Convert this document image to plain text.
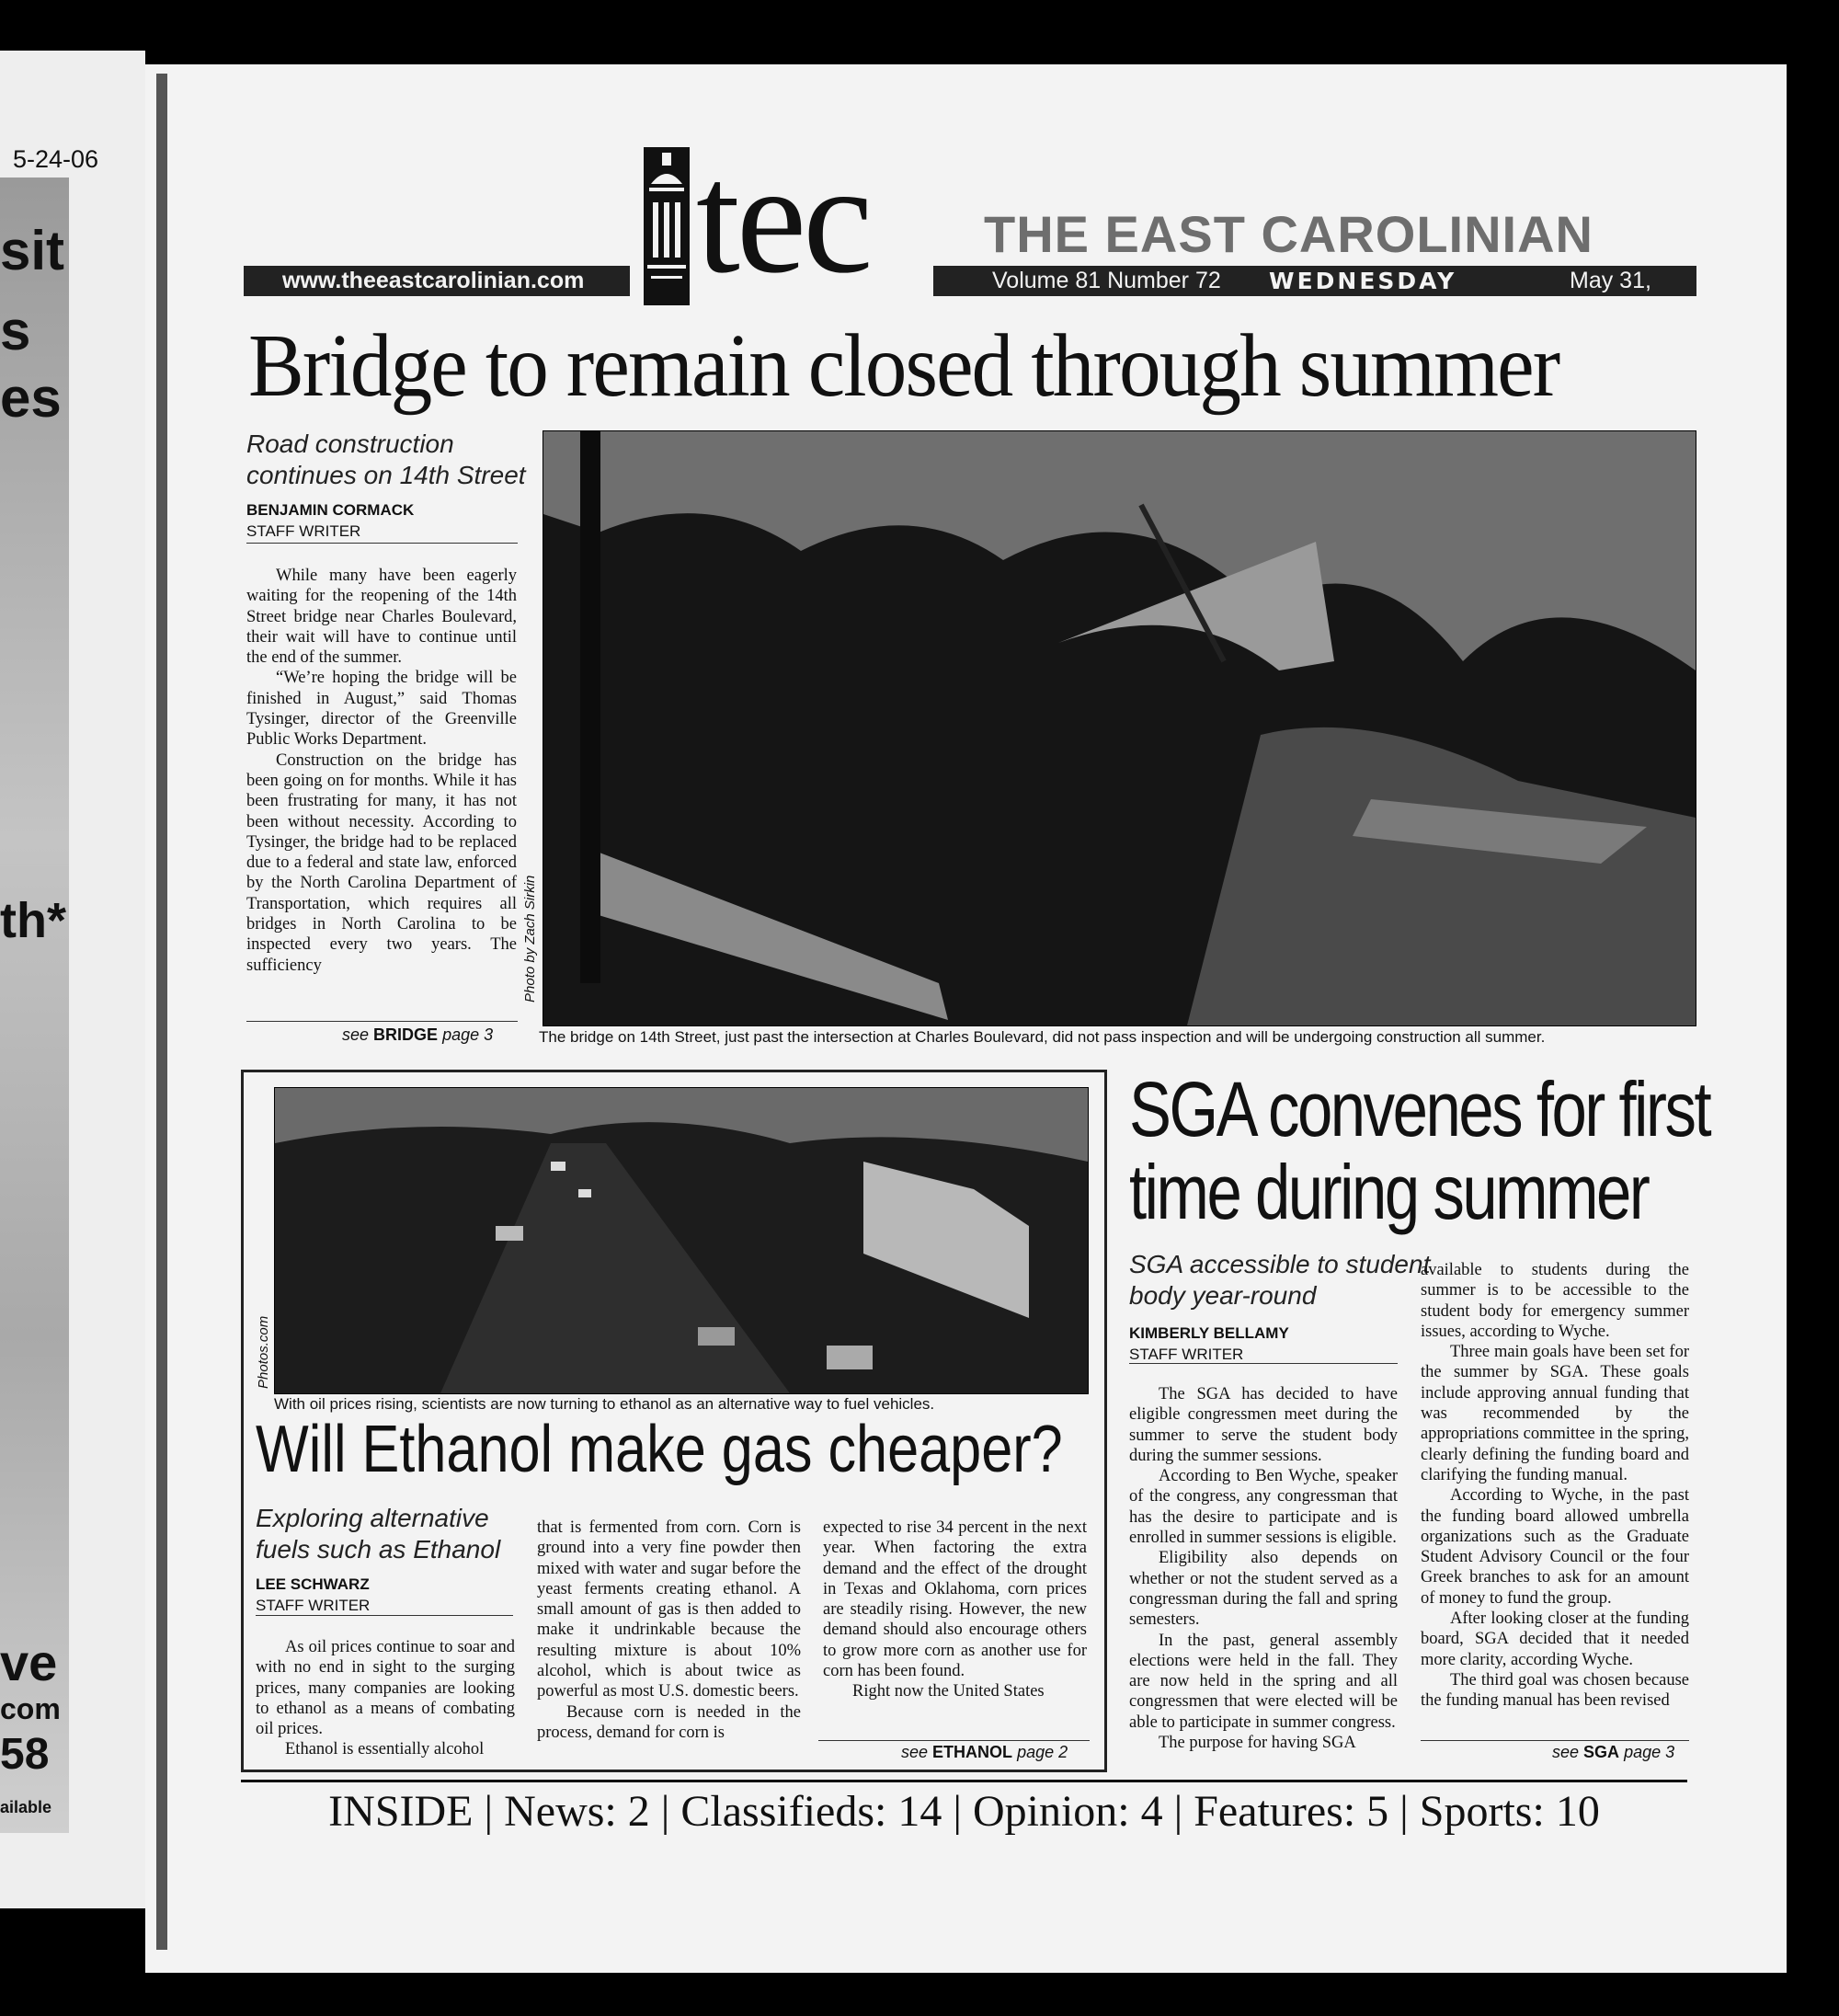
5-24-06
sit
s
es
th*
ve
com
58
ailable
www.theeastcarolinian.com tec THE EAST CAROLINIAN
Volume 81 Number 72 WEDNESDAY	May 31, 2006
Bridge to remain closed through summer
Road construction
continues on 14th Street
BENJAMIN CORMACK
STAFF WRITER

While many have been eagerly waiting for the reopening of the 14th Street bridge near Charles Boulevard, their wait will have to continue until the end of the summer.

“We’re hoping the bridge will be finished in August,” said Thomas Tysinger, director of the Greenville Public Works Department.

Construction on the bridge has been going on for months. While it has been frustrating for many, it has not been without necessity. According to Tysinger, the bridge had to be replaced due to a federal and state law, enforced by the North Carolina Department of Transportation, which requires all bridges in North Carolina to be inspected every two years. The sufficiency

see BRIDGE page 3
Photo by Zach Sirkin
The bridge on 14th Street, just past the intersection at Charles Boulevard, did not pass inspection and will be undergoing construction all summer.
Photos.com
With oil prices rising, scientists are now turning to ethanol as an alternative way to fuel vehicles.
Will Ethanol make gas cheaper?
Exploring alternative
fuels such as Ethanol
LEE SCHWARZ
STAFF WRITER

As oil prices continue to soar and with no end in sight to the surging prices, many companies are looking to ethanol as a means of combating oil prices.

Ethanol is essentially alcohol

that is fermented from corn. Corn is ground into a very fine powder then mixed with water and sugar before the yeast ferments creating ethanol. A small amount of gas is then added to make it undrinkable because the resulting mixture is about 10% alcohol, which is about twice as powerful as most U.S. domestic beers.

Because corn is needed in the process, demand for corn is

expected to rise 34 percent in the next year. When factoring the extra demand and the effect of the drought in Texas and Oklahoma, corn prices are steadily rising. However, the new demand should also encourage others to grow more corn as another use for corn has been found.

Right now the United States

see ETHANOL page 2
SGA convenes for first
time during summer
SGA accessible to student
body year-round
KIMBERLY BELLAMY
STAFF WRITER

The SGA has decided to have eligible congressmen meet during the summer to serve the student body during the summer sessions.

According to Ben Wyche, speaker of the congress, any congressman that has the desire to participate and is enrolled in summer sessions is eligible.

Eligibility also depends on whether or not the student served as a congressman during the fall and spring semesters.

In the past, general assembly elections were held in the fall. They are now held in the spring and all congressmen that were elected will be able to participate in summer congress.

The purpose for having SGA

available to students during the summer is to be accessible to the student body for emergency summer issues, according to Wyche.

Three main goals have been set for the summer by SGA. These goals include approving annual funding that was recommended by the appropriations committee in the spring, clearly defining the funding board and clarifying the funding manual.

According to Wyche, in the past the funding board allowed umbrella organizations such as the Graduate Student Advisory Council or the four Greek branches to ask for an amount of money to fund the group.

After looking closer at the funding board, SGA decided that it needed more clarity, according Wyche.

The third goal was chosen because the funding manual has been revised

see SGA page 3
INSIDE | News: 2 | Classifieds: 14 | Opinion: 4 | Features: 5 | Sports: 10
